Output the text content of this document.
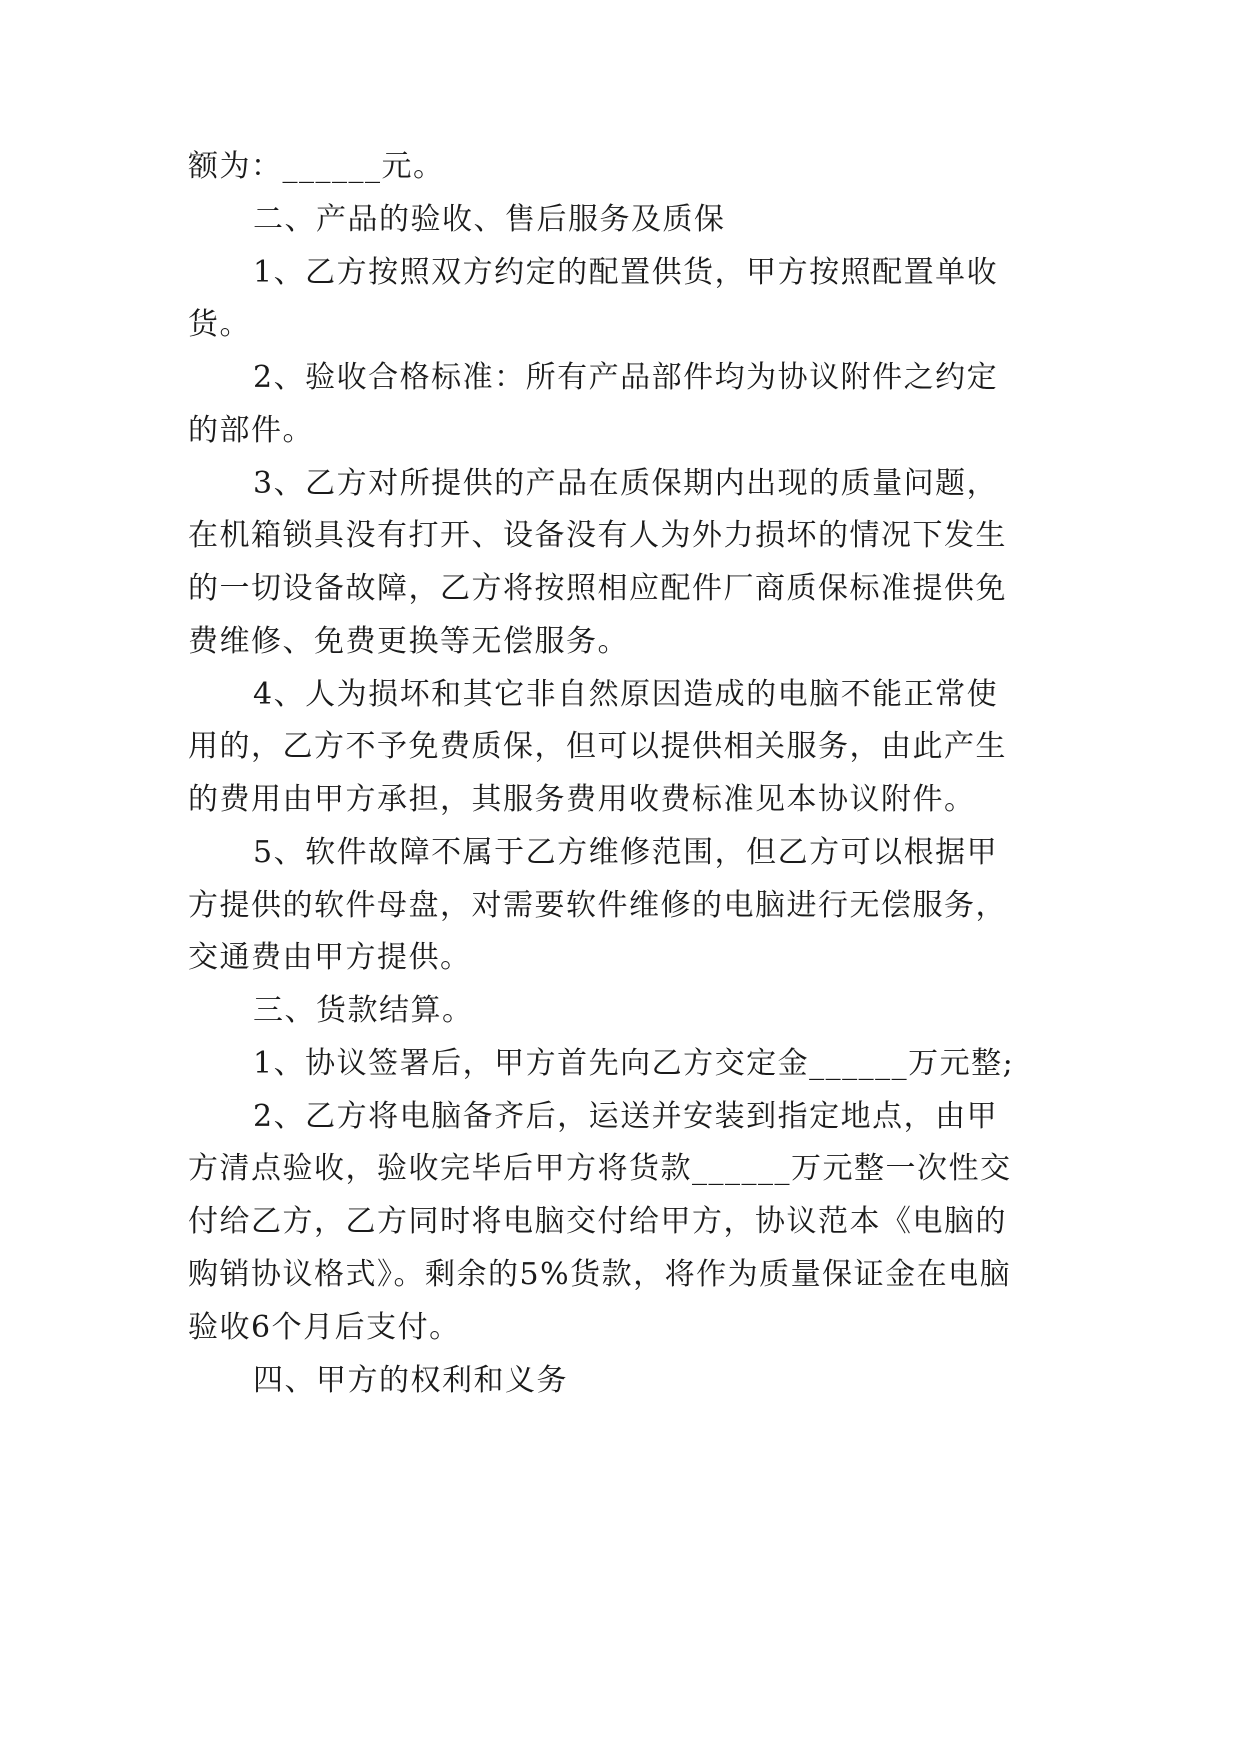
额为：______元。
二、产品的验收、售后服务及质保
1、乙方按照双方约定的配置供货，甲方按照配置单收
货。
2、验收合格标准：所有产品部件均为协议附件之约定
的部件。
3、乙方对所提供的产品在质保期内出现的质量问题，
在机箱锁具没有打开、设备没有人为外力损坏的情况下发生
的一切设备故障，乙方将按照相应配件厂商质保标准提供免
费维修、免费更换等无偿服务。
4、人为损坏和其它非自然原因造成的电脑不能正常使
用的，乙方不予免费质保，但可以提供相关服务，由此产生
的费用由甲方承担，其服务费用收费标准见本协议附件。
5、软件故障不属于乙方维修范围，但乙方可以根据甲
方提供的软件母盘，对需要软件维修的电脑进行无偿服务，
交通费由甲方提供。
三、货款结算。
1、协议签署后，甲方首先向乙方交定金______万元整;
2、乙方将电脑备齐后，运送并安装到指定地点，由甲
方清点验收，验收完毕后甲方将货款______万元整一次性交
付给乙方，乙方同时将电脑交付给甲方，协议范本《电脑的
购销协议格式》。剩余的5%货款，将作为质量保证金在电脑
验收6个月后支付。
四、甲方的权利和义务
